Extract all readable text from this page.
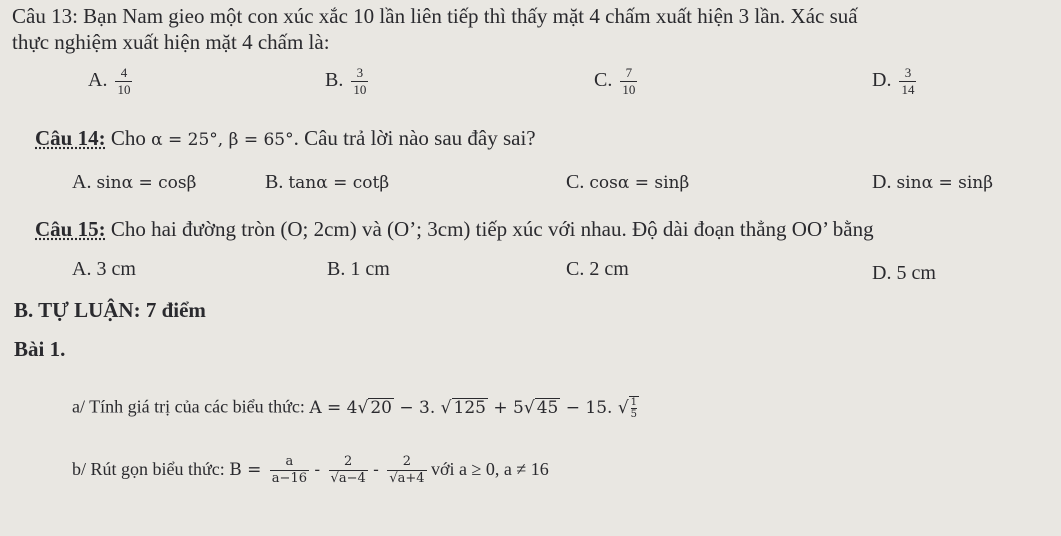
Câu 13: Bạn Nam gieo một con xúc xắc 10 lần liên tiếp thì thấy mặt 4 chấm xuất hiện 3 lần. Xác suấ
thực nghiệm xuất hiện mặt 4 chấm là:
A. $\frac{4}{10}$	B. $\frac{3}{10}$	C. $\frac{7}{10}$	D. $\frac{3}{14}$
Câu 14: Cho α = 25°, β = 65°. Câu trả lời nào sau đây sai?
A. sinα = cosβ	B. tanα = cotβ	C. cosα = sinβ	D. sinα = sinβ
Câu 15: Cho hai đường tròn (O; 2cm) và (O’; 3cm) tiếp xúc với nhau. Độ dài đoạn thẳng OO’ bằng
A. 3 cm	B. 1 cm	C. 2 cm	D. 5 cm
B. TỰ LUẬN: 7 điểm
Bài 1.
a/ Tính giá trị của các biểu thức: A = 4√ 20 − 3. √ 125 + 5√ 45 − 15. √ $\frac{1}{5}$
b/ Rút gọn biểu thức: $B = \frac{a}{a-16} - \frac{2}{√a-4} - \frac{2}{√a+4}$ với a ≥ 0, a ≠ 16
